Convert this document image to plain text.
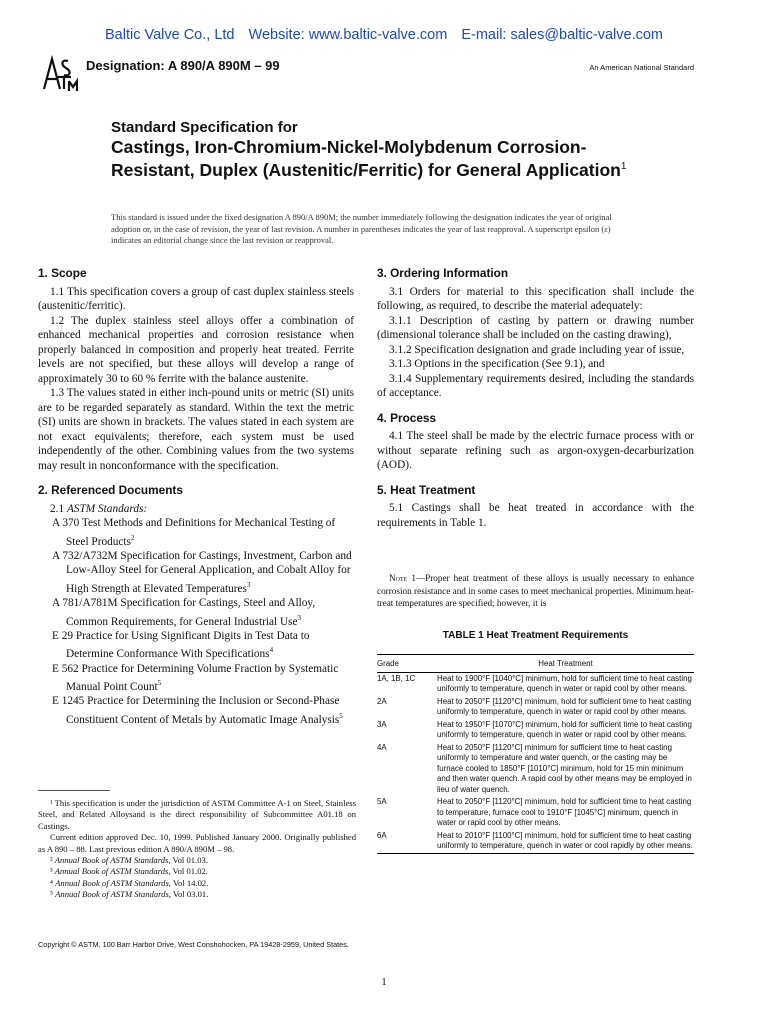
Baltic Valve Co., Ltd Website: www.baltic-valve.com E-mail: sales@baltic-valve.com
Designation: A 890/A 890M – 99	An American National Standard
Standard Specification for
Castings, Iron-Chromium-Nickel-Molybdenum Corrosion-Resistant, Duplex (Austenitic/Ferritic) for General Application$^1$
This standard is issued under the fixed designation A 890/A 890M; the number immediately following the designation indicates the year of original adoption or, in the case of revision, the year of last revision. A number in parentheses indicates the year of last reapproval. A superscript epsilon (ε) indicates an editorial change since the last revision or reapproval.
1. Scope

1.1 This specification covers a group of cast duplex stainless steels (austenitic/ferritic).

1.2 The duplex stainless steel alloys offer a combination of enhanced mechanical properties and corrosion resistance when properly balanced in composition and properly heat treated. Ferrite levels are not specified, but these alloys will develop a range of approximately 30 to 60 % ferrite with the balance austenite.

1.3 The values stated in either inch-pound units or metric (SI) units are to be regarded separately as standard. Within the text the metric (SI) units are shown in brackets. The values stated in each system are not exact equivalents; therefore, each system must be used independently of the other. Combining values from the two systems may result in nonconformance with the specification.

2. Referenced Documents

2.1 ASTM Standards:

A 370 Test Methods and Definitions for Mechanical Testing of Steel Products$^2$

A 732/A732M Specification for Castings, Investment, Carbon and Low-Alloy Steel for General Application, and Cobalt Alloy for High Strength at Elevated Temperatures$^3$

A 781/A781M Specification for Castings, Steel and Alloy, Common Requirements, for General Industrial Use$^3$

E 29 Practice for Using Significant Digits in Test Data to Determine Conformance With Specifications$^4$

E 562 Practice for Determining Volume Fraction by Systematic Manual Point Count$^5$

E 1245 Practice for Determining the Inclusion or Second-Phase Constituent Content of Metals by Automatic Image Analysis$^5$

¹ This specification is under the jurisdiction of ASTM Committee A-1 on Steel, Stainless Steel, and Related Alloysand is the direct responsibility of Subcommittee A01.18 on Castings.

Current edition approved Dec. 10, 1999. Published January 2000. Originally published as A 890 – 88. Last previous edition A 890/A 890M – 98.

² Annual Book of ASTM Standards, Vol 01.03.

³ Annual Book of ASTM Standards, Vol 01.02.

⁴ Annual Book of ASTM Standards, Vol 14.02.

⁵ Annual Book of ASTM Standards, Vol 03.01.

3. Ordering Information

3.1 Orders for material to this specification shall include the following, as required, to describe the material adequately:

3.1.1 Description of casting by pattern or drawing number (dimensional tolerance shall be included on the casting drawing),

3.1.2 Specification designation and grade including year of issue,

3.1.3 Options in the specification (See 9.1), and

3.1.4 Supplementary requirements desired, including the standards of acceptance.

4. Process

4.1 The steel shall be made by the electric furnace process with or without separate refining such as argon-oxygen-decarburization (AOD).

5. Heat Treatment

5.1 Castings shall be heat treated in accordance with the requirements in Table 1.

Note 1—Proper heat treatment of these alloys is usually necessary to enhance corrosion resistance and in some cases to meet mechanical properties. Minimum heat-treat temperatures are specified; however, it is
TABLE 1 Heat Treatment Requirements
Grade	Heat Treatment
1A, 1B, 1C	Heat to 1900°F [1040°C] minimum, hold for sufficient time to heat casting uniformly to temperature, quench in water or rapid cool by other means.
2A	Heat to 2050°F [1120°C] minimum, hold for sufficient time to heat casting uniformly to temperature, quench in water or rapid cool by other means.
3A	Heat to 1950°F [1070°C] minimum, hold for sufficient time to heat casting uniformly to temperature, quench in water or rapid cool by other means.
4A	Heat to 2050°F [1120°C] minimum for sufficient time to heat casting uniformly to temperature and water quench, or the casting may be furnace cooled to 1850°F [1010°C] minimum, hold for 15 min minimum and then water quench. A rapid cool by other means may be employed in lieu of water quench.
5A	Heat to 2050°F [1120°C] minimum, hold for sufficient time to heat casting to temperature, furnace cool to 1910°F [1045°C] minimum, quench in water or rapid cool by other means.
6A	Heat to 2010°F [1100°C] minimum, hold for sufficient time to heat casting uniformly to temperature, quench in water or cool rapidly by other means.
Copyright © ASTM, 100 Barr Harbor Drive, West Conshohocken, PA 19428-2959, United States.
1
